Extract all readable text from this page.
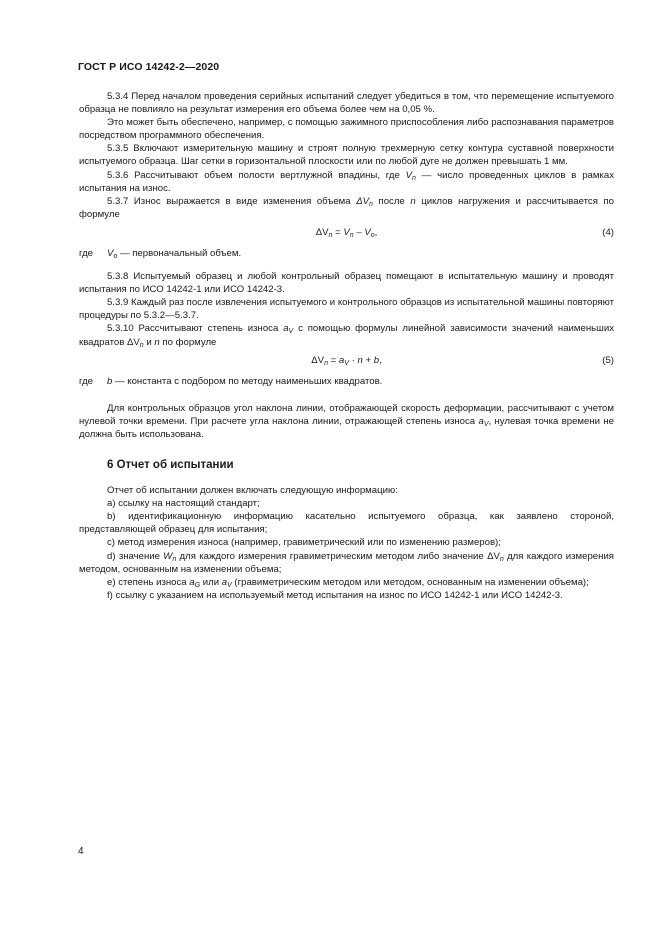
ГОСТ Р ИСО 14242-2—2020

5.3.4 Перед началом проведения серийных испытаний следует убедиться в том, что перемещение испытуемого образца не повлияло на результат измерения его объема более чем на 0,05 %.

Это может быть обеспечено, например, с помощью зажимного приспособления либо распознавания параметров посредством программного обеспечения.

5.3.5 Включают измерительную машину и строят полную трехмерную сетку контура суставной поверхности испытуемого образца. Шаг сетки в горизонтальной плоскости или по любой дуге не должен превышать 1 мм.

5.3.6 Рассчитывают объем полости вертлужной впадины, где $V_n$ — число проведенных циклов в рамках испытания на износ.

5.3.7 Износ выражается в виде изменения объема $\Delta V_n$ после n циклов нагружения и рассчитывается по формуле

$\Delta V_n = V_n - V_o$,	(4)

где $V_o$ — первоначальный объем.

5.3.8 Испытуемый образец и любой контрольный образец помещают в испытательную машину и проводят испытания по ИСО 14242-1 или ИСО 14242-3.

5.3.9 Каждый раз после извлечения испытуемого и контрольного образцов из испытательной машины повторяют процедуры по 5.3.2—5.3.7.

5.3.10 Рассчитывают степень износа $a_V$ с помощью формулы линейной зависимости значений наименьших квадратов $\Delta V_n$ и n по формуле

$\Delta V_n = a_V \cdot n + b$,	(5)

где b — константа с подбором по методу наименьших квадратов.

Для контрольных образцов угол наклона линии, отображающей скорость деформации, рассчитывают с учетом нулевой точки времени. При расчете угла наклона линии, отражающей степень износа $a_V$, нулевая точка времени не должна быть использована.

6 Отчет об испытании

Отчет об испытании должен включать следующую информацию:

а) ссылку на настоящий стандарт;

b) идентификационную информацию касательно испытуемого образца, как заявлено стороной, представляющей образец для испытания;

с) метод измерения износа (например, гравиметрический или по изменению размеров);

d) значение $W_n$ для каждого измерения гравиметрическим методом либо значение $\Delta V_n$ для каждого измерения методом, основанным на изменении объема;

е) степень износа $a_G$ или $a_V$ (гравиметрическим методом или методом, основанным на изменении объема);

f) ссылку с указанием на используемый метод испытания на износ по ИСО 14242-1 или ИСО 14242-3.

4
